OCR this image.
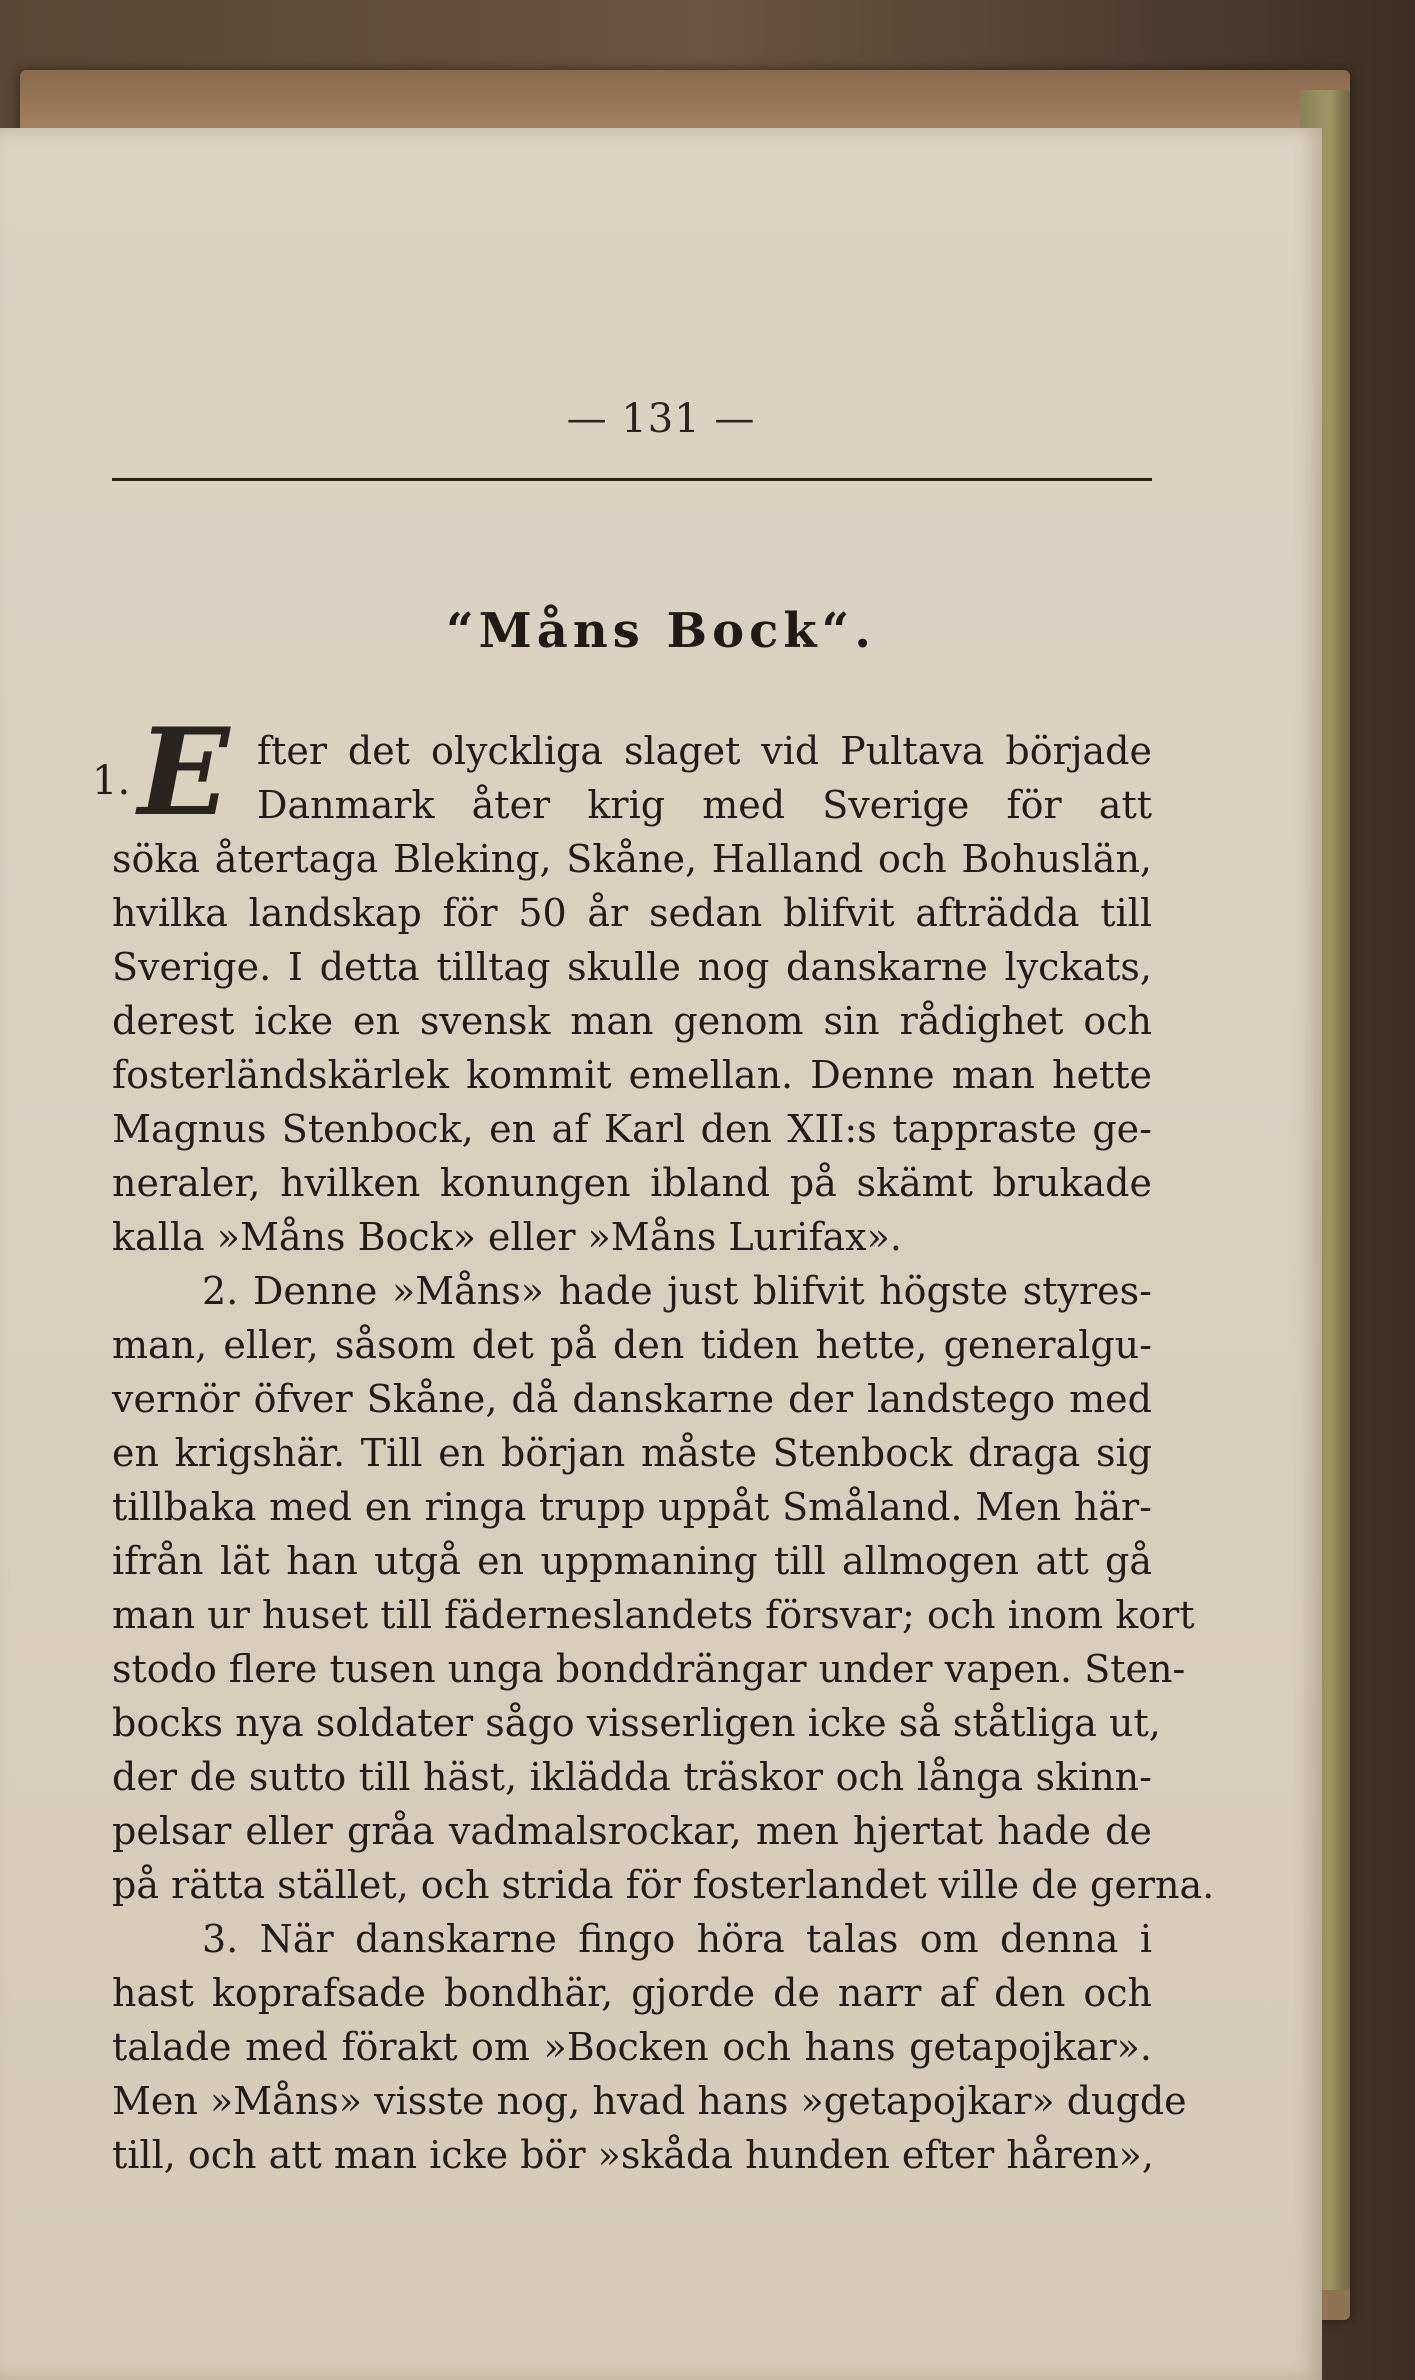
— 131 —
“Måns Bock“.
1. E fter det olyckliga slaget vid Pultava började
Danmark åter krig med Sverige för att
söka återtaga Bleking, Skåne, Halland och Bohuslän,
hvilka landskap för 50 år sedan blifvit afträdda till
Sverige. I detta tilltag skulle nog danskarne lyckats,
derest icke en svensk man genom sin rådighet och
fosterländskärlek kommit emellan. Denne man hette
Magnus Stenbock, en af Karl den XII:s tappraste ge-
neraler, hvilken konungen ibland på skämt brukade
kalla »Måns Bock» eller »Måns Lurifax».
2. Denne »Måns» hade just blifvit högste styres-
man, eller, såsom det på den tiden hette, generalgu-
vernör öfver Skåne, då danskarne der landstego med
en krigshär. Till en början måste Stenbock draga sig
tillbaka med en ringa trupp uppåt Småland. Men här-
ifrån lät han utgå en uppmaning till allmogen att gå
man ur huset till fäderneslandets försvar; och inom kort
stodo flere tusen unga bonddrängar under vapen. Sten-
bocks nya soldater sågo visserligen icke så ståtliga ut,
der de sutto till häst, iklädda träskor och långa skinn-
pelsar eller gråa vadmalsrockar, men hjertat hade de
på rätta stället, och strida för fosterlandet ville de gerna.
3. När danskarne fingo höra talas om denna i
hast koprafsade bondhär, gjorde de narr af den och
talade med förakt om »Bocken och hans getapojkar».
Men »Måns» visste nog, hvad hans »getapojkar» dugde
till, och att man icke bör »skåda hunden efter håren»,
